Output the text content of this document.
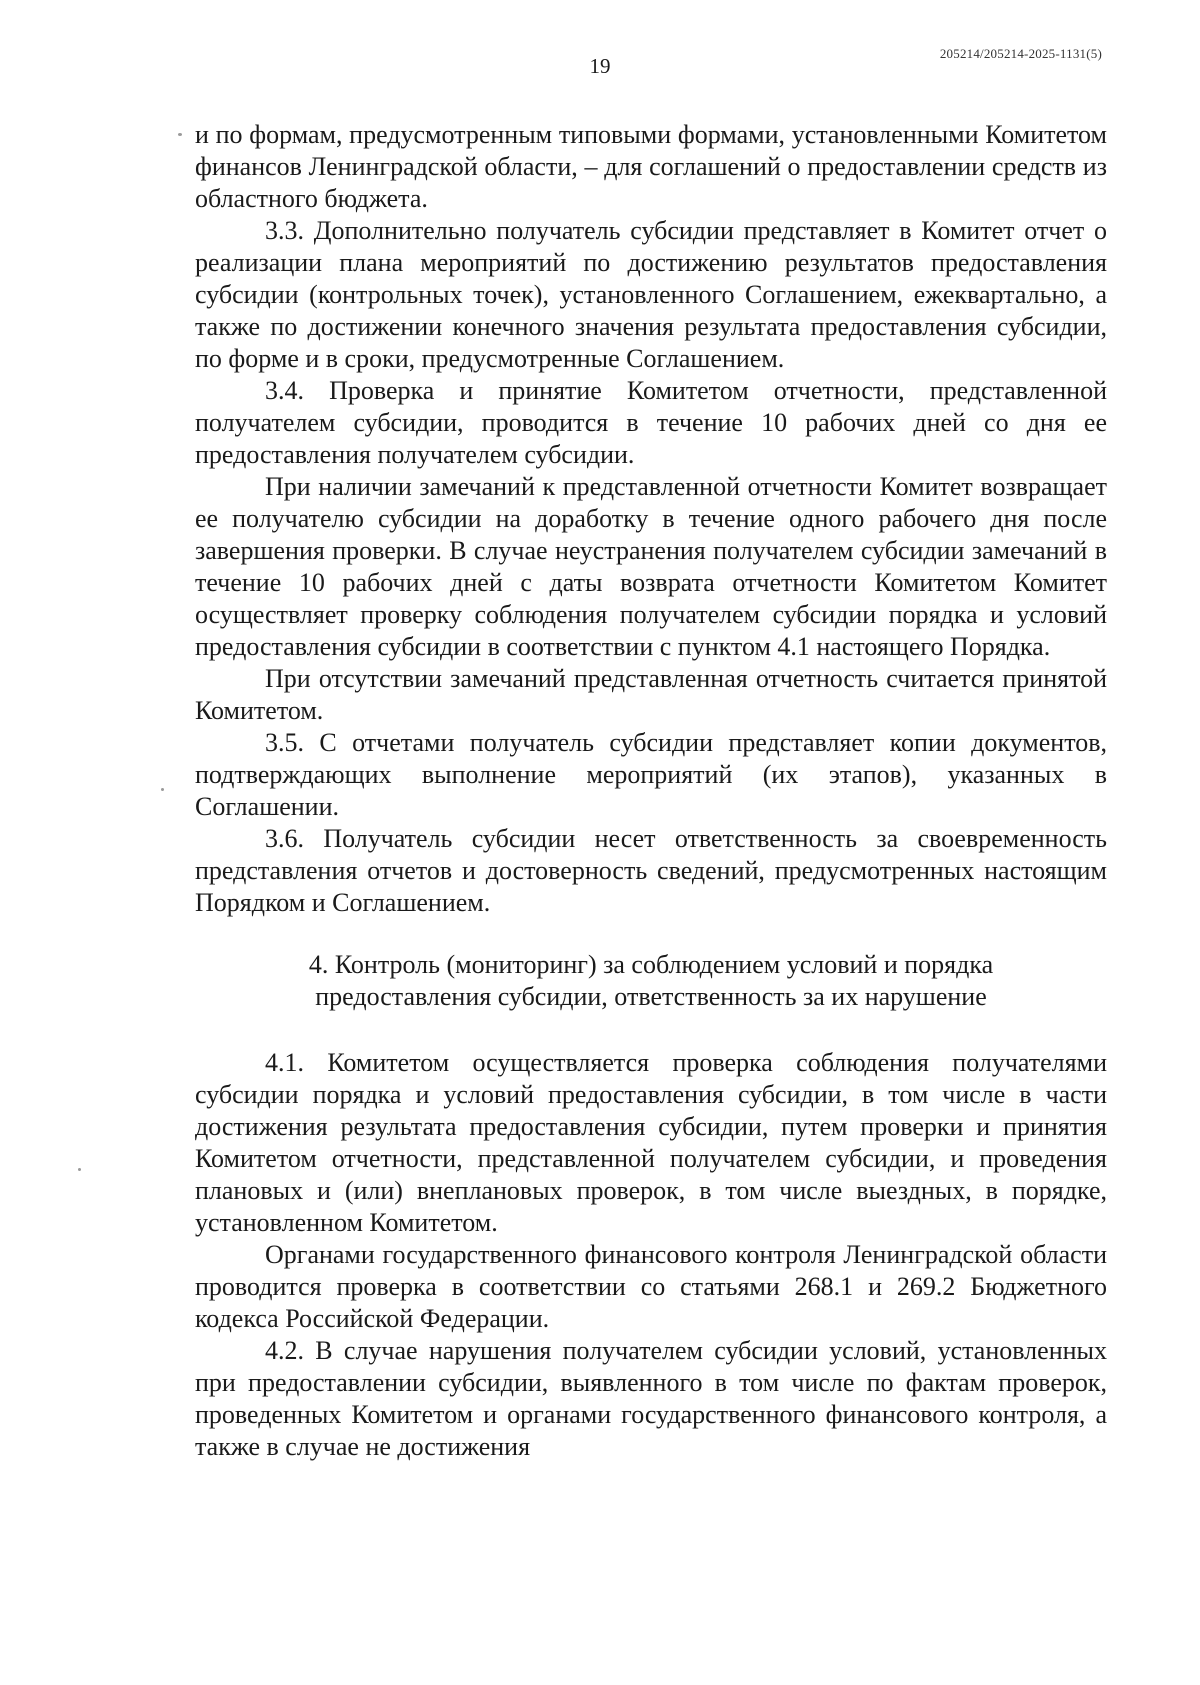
205214/205214-2025-1131(5)
19

и по формам, предусмотренным типовыми формами, установленными Комитетом финансов Ленинградской области, – для соглашений о предоставлении средств из областного бюджета.

3.3. Дополнительно получатель субсидии представляет в Комитет отчет о реализации плана мероприятий по достижению результатов предоставления субсидии (контрольных точек), установленного Соглашением, ежеквартально, а также по достижении конечного значения результата предоставления субсидии, по форме и в сроки, предусмотренные Соглашением.

3.4. Проверка и принятие Комитетом отчетности, представленной получателем субсидии, проводится в течение 10 рабочих дней со дня ее предоставления получателем субсидии.

При наличии замечаний к представленной отчетности Комитет возвращает ее получателю субсидии на доработку в течение одного рабочего дня после завершения проверки. В случае неустранения получателем субсидии замечаний в течение 10 рабочих дней с даты возврата отчетности Комитетом Комитет осуществляет проверку соблюдения получателем субсидии порядка и условий предоставления субсидии в соответствии с пунктом 4.1 настоящего Порядка.

При отсутствии замечаний представленная отчетность считается принятой Комитетом.

3.5. С отчетами получатель субсидии представляет копии документов, подтверждающих выполнение мероприятий (их этапов), указанных в Соглашении.

3.6. Получатель субсидии несет ответственность за своевременность представления отчетов и достоверность сведений, предусмотренных настоящим Порядком и Соглашением.

4. Контроль (мониторинг) за соблюдением условий и порядка
предоставления субсидии, ответственность за их нарушение

4.1. Комитетом осуществляется проверка соблюдения получателями субсидии порядка и условий предоставления субсидии, в том числе в части достижения результата предоставления субсидии, путем проверки и принятия Комитетом отчетности, представленной получателем субсидии, и проведения плановых и (или) внеплановых проверок, в том числе выездных, в порядке, установленном Комитетом.

Органами государственного финансового контроля Ленинградской области проводится проверка в соответствии со статьями 268.1 и 269.2 Бюджетного кодекса Российской Федерации.

4.2. В случае нарушения получателем субсидии условий, установленных при предоставлении субсидии, выявленного в том числе по фактам проверок, проведенных Комитетом и органами государственного финансового контроля, а также в случае не достижения
